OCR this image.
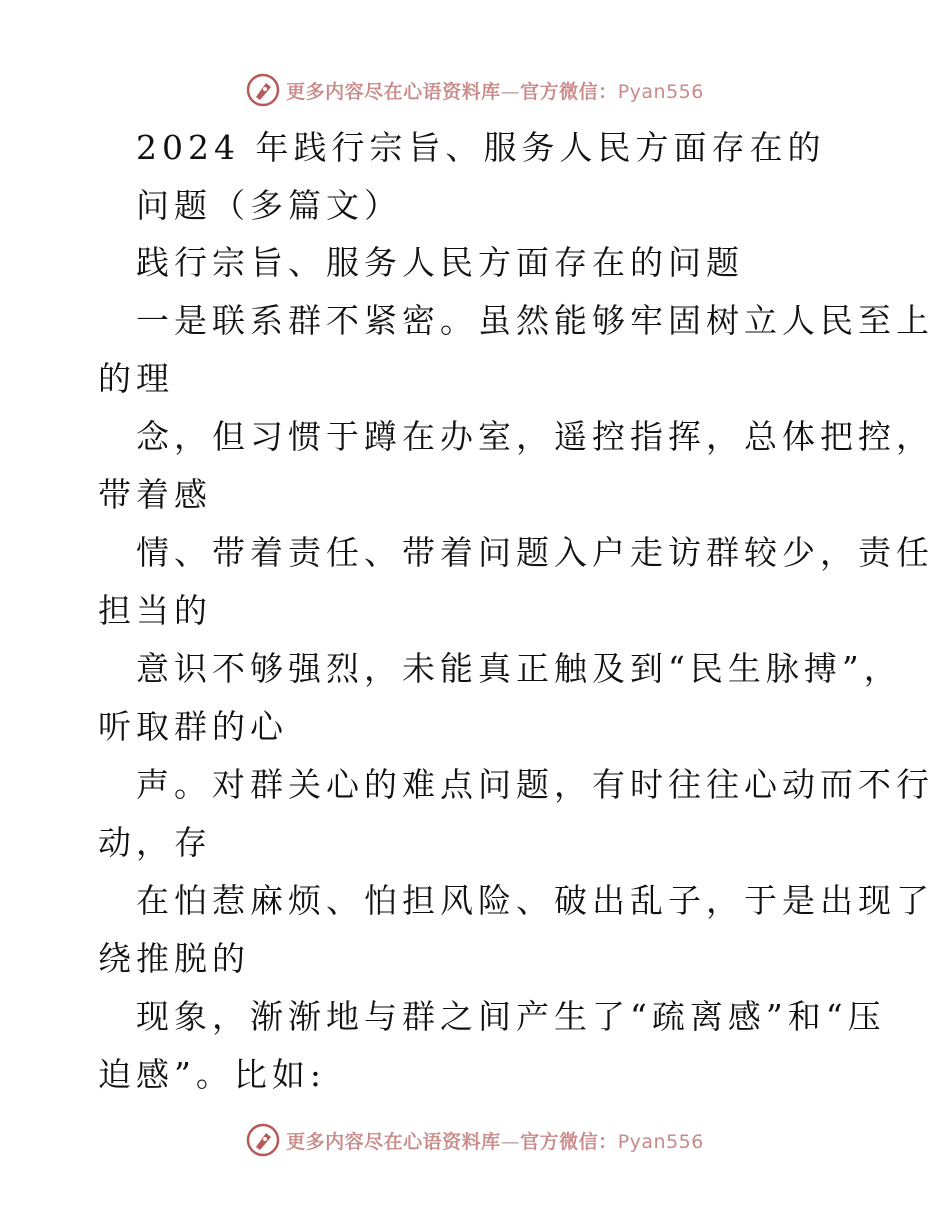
更多内容尽在心语资料库—官方微信：Pyan556
2024 年践行宗旨、服务人民方面存在的
问题（多篇文）
践行宗旨、服务人民方面存在的问题
一是联系群不紧密。虽然能够牢固树立人民至上
的理
念，但习惯于蹲在办室，遥控指挥，总体把控，
带着感
情、带着责任、带着问题入户走访群较少，责任
担当的
意识不够强烈，未能真正触及到“民生脉搏”，
听取群的心
声。对群关心的难点问题，有时往往心动而不行
动，存
在怕惹麻烦、怕担风险、破出乱子，于是出现了
绕推脱的
现象，渐渐地与群之间产生了“疏离感”和“压
迫感”。比如:
更多内容尽在心语资料库—官方微信：Pyan556
